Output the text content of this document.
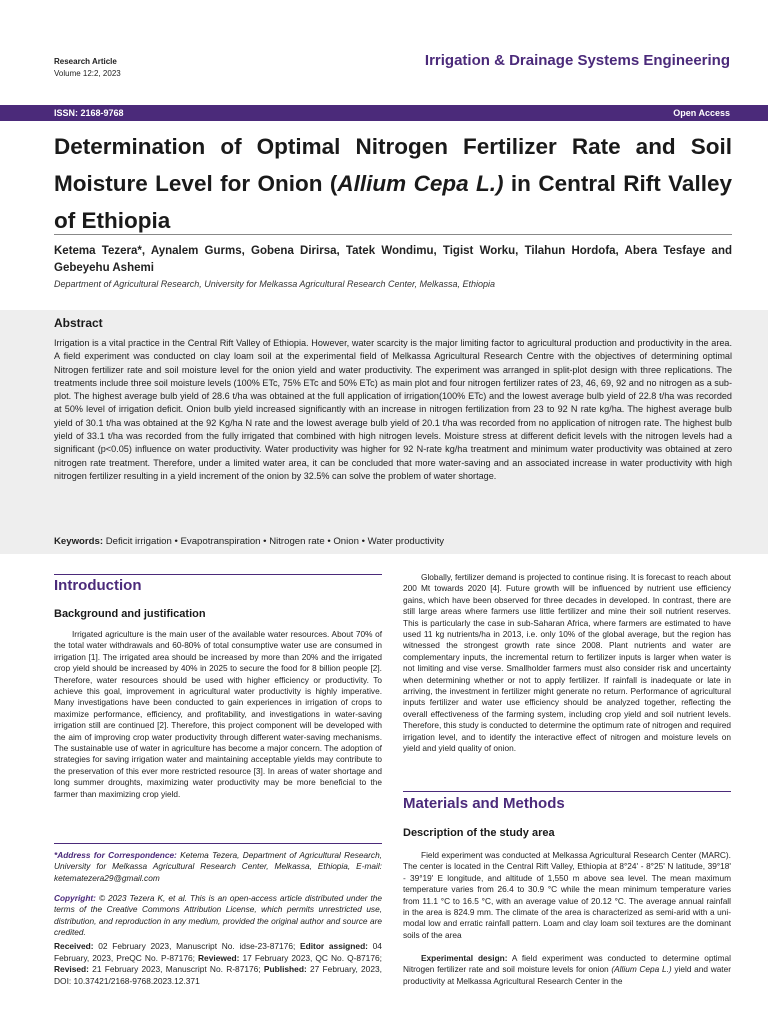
Research Article
Volume 12:2, 2023
Irrigation & Drainage Systems Engineering
ISSN: 2168-9768	Open Access
Determination of Optimal Nitrogen Fertilizer Rate and Soil Moisture Level for Onion (Allium Cepa L.) in Central Rift Valley of Ethiopia
Ketema Tezera*, Aynalem Gurms, Gobena Dirirsa, Tatek Wondimu, Tigist Worku, Tilahun Hordofa, Abera Tesfaye and Gebeyehu Ashemi
Department of Agricultural Research, University for Melkassa Agricultural Research Center, Melkassa, Ethiopia
Abstract

Irrigation is a vital practice in the Central Rift Valley of Ethiopia. However, water scarcity is the major limiting factor to agricultural production and productivity in the area. A field experiment was conducted on clay loam soil at the experimental field of Melkassa Agricultural Research Centre with the objectives of determining optimal Nitrogen fertilizer rate and soil moisture level for the onion yield and water productivity. The experiment was arranged in split-plot design with three replications. The treatments include three soil moisture levels (100% ETc, 75% ETc and 50% ETc) as main plot and four nitrogen fertilizer rates of 23, 46, 69, 92 and no nitrogen as a sub-plot. The highest average bulb yield of 28.6 t/ha was obtained at the full application of irrigation(100% ETc) and the lowest average bulb yield of 22.8 t/ha was recorded at 50% level of irrigation deficit. Onion bulb yield increased significantly with an increase in nitrogen fertilization from 23 to 92 N rate kg/ha. The highest average bulb yield of 30.1 t/ha was obtained at the 92 Kg/ha N rate and the lowest average bulb yield of 20.1 t/ha was recorded from no application of nitrogen rate. The highest bulb yield of 33.1 t/ha was recorded from the fully irrigated that combined with high nitrogen levels. Moisture stress at different deficit levels with the nitrogen levels had a significant (p<0.05) influence on water productivity. Water productivity was higher for 92 N-rate kg/ha treatment and minimum water productivity was obtained at zero nitrogen rate treatment. Therefore, under a limited water area, it can be concluded that more water-saving and an associated increase in water productivity with high nitrogen fertilizer resulting in a yield increment of the onion by 32.5% can solve the problem of water shortage.

Keywords: Deficit irrigation • Evapotranspiration • Nitrogen rate • Onion • Water productivity
Introduction
Background and justification

Irrigated agriculture is the main user of the available water resources. About 70% of the total water withdrawals and 60-80% of total consumptive water use are consumed in irrigation [1]. The irrigated area should be increased by more than 20% and the irrigated crop yield should be increased by 40% in 2025 to secure the food for 8 billion people [2]. Therefore, water resources should be used with higher efficiency or productivity. To achieve this goal, improvement in agricultural water productivity is highly imperative. Many investigations have been conducted to gain experiences in irrigation of crops to maximize performance, efficiency, and profitability, and investigations in water-saving irrigation still are continued [2]. Therefore, this project component will be developed with the aim of improving crop water productivity through different water-saving mechanisms. The sustainable use of water in agriculture has become a major concern. The adoption of strategies for saving irrigation water and maintaining acceptable yields may contribute to the preservation of this ever more restricted resource [3]. In areas of water shortage and long summer droughts, maximizing water productivity may be more beneficial to the farmer than maximizing crop yield.

*Address for Correspondence: Ketema Tezera, Department of Agricultural Research, University for Melkassa Agricultural Research Center, Melkassa, Ethiopia, E-mail: ketematezera29@gmail.com

Copyright: © 2023 Tezera K, et al. This is an open-access article distributed under the terms of the Creative Commons Attribution License, which permits unrestricted use, distribution, and reproduction in any medium, provided the original author and source are credited.

Received: 02 February 2023, Manuscript No. idse-23-87176; Editor assigned: 04 February, 2023, PreQC No. P-87176; Reviewed: 17 February 2023, QC No. Q-87176; Revised: 21 February 2023, Manuscript No. R-87176; Published: 27 February, 2023, DOI: 10.37421/2168-9768.2023.12.371

Globally, fertilizer demand is projected to continue rising. It is forecast to reach about 200 Mt towards 2020 [4]. Future growth will be influenced by nutrient use efficiency gains, which have been observed for three decades in developed. In contrast, there are still large areas where farmers use little fertilizer and mine their soil nutrient reserves. This is particularly the case in sub-Saharan Africa, where farmers are estimated to have used 11 kg nutrients/ha in 2013, i.e. only 10% of the global average, but the region has witnessed the strongest growth rate since 2008. Plant nutrients and water are complementary inputs, the incremental return to fertilizer inputs is larger when water is not limiting and vise verse. Smallholder farmers must also consider risk and uncertainty when determining whether or not to apply fertilizer. If rainfall is inadequate or late in arriving, the investment in fertilizer might generate no return. Performance of agricultural inputs fertilizer and water use efficiency should be analyzed together, reflecting the overall effectiveness of the farming system, including crop yield and soil nutrient levels. Therefore, this study is conducted to determine the optimum rate of nitrogen and required irrigation level, and to identify the interactive effect of nitrogen and moisture levels on yield and yield quality of onion.

Materials and Methods
Description of the study area

Field experiment was conducted at Melkassa Agricultural Research Center (MARC). The center is located in the Central Rift Valley, Ethiopia at 8°24' - 8°25' N latitude, 39°18' - 39°19' E longitude, and altitude of 1,550 m above sea level. The mean maximum temperature varies from 26.4 to 30.9 °C while the mean minimum temperature varies from 11.1 °C to 16.5 °C, with an average value of 20.12 °C. The average annual rainfall in the area is 824.9 mm. The climate of the area is characterized as semi-arid with a uni-modal low and erratic rainfall pattern. Loam and clay loam soil textures are the dominant soils of the area

Experimental design: A field experiment was conducted to determine optimal Nitrogen fertilizer rate and soil moisture levels for onion (Allium Cepa L.) yield and water productivity at Melkassa Agricultural Research Center in the
